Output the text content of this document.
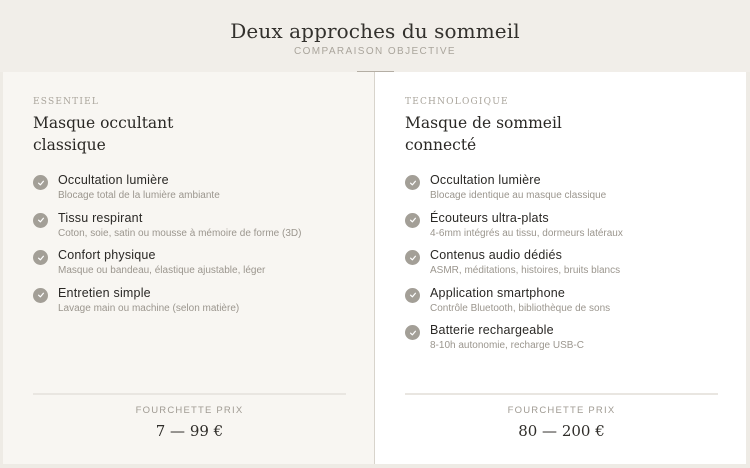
Deux approches du sommeil
COMPARAISON OBJECTIVE
ESSENTIEL
Masque occultant classique
Occultation lumière
Blocage total de la lumière ambiante
Tissu respirant
Coton, soie, satin ou mousse à mémoire de forme (3D)
Confort physique
Masque ou bandeau, élastique ajustable, léger
Entretien simple
Lavage main ou machine (selon matière)
FOURCHETTE PRIX
7 — 99 €
TECHNOLOGIQUE
Masque de sommeil connecté
Occultation lumière
Blocage identique au masque classique
Écouteurs ultra-plats
4-6mm intégrés au tissu, dormeurs latéraux
Contenus audio dédiés
ASMR, méditations, histoires, bruits blancs
Application smartphone
Contrôle Bluetooth, bibliothèque de sons
Batterie rechargeable
8-10h autonomie, recharge USB-C
FOURCHETTE PRIX
80 — 200 €
